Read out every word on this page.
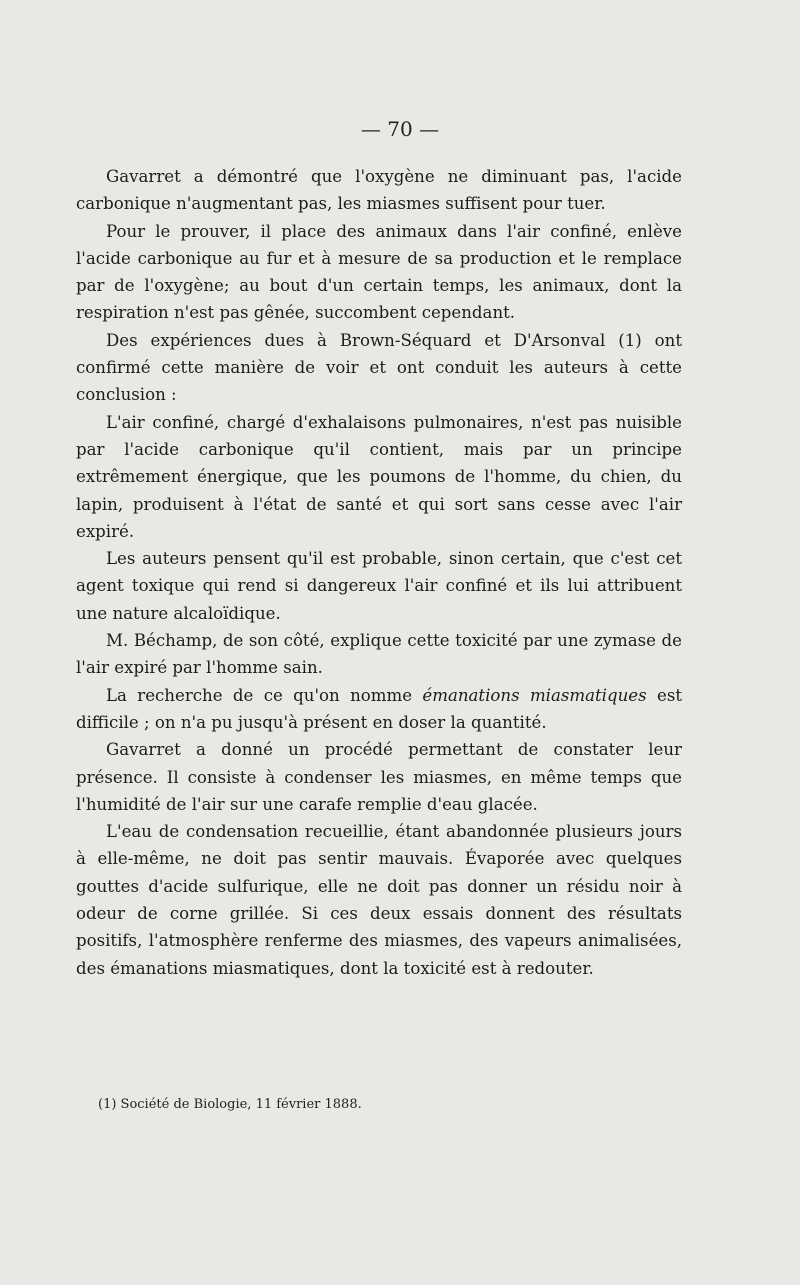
— 70 —

Gavarret a démontré que l'oxygène ne diminuant pas, l'acide carbonique n'augmentant pas, les miasmes suffisent pour tuer.

Pour le prouver, il place des animaux dans l'air confiné, enlève l'acide carbonique au fur et à mesure de sa production et le remplace par de l'oxygène; au bout d'un certain temps, les animaux, dont la respiration n'est pas gênée, succombent cependant.

Des expériences dues à Brown-Séquard et D'Arsonval (1) ont confirmé cette manière de voir et ont conduit les auteurs à cette conclusion :

L'air confiné, chargé d'exhalaisons pulmonaires, n'est pas nuisible par l'acide carbonique qu'il contient, mais par un principe extrêmement énergique, que les poumons de l'homme, du chien, du lapin, produisent à l'état de santé et qui sort sans cesse avec l'air expiré.

Les auteurs pensent qu'il est probable, sinon certain, que c'est cet agent toxique qui rend si dangereux l'air confiné et ils lui attribuent une nature alcaloïdique.

M. Béchamp, de son côté, explique cette toxicité par une zymase de l'air expiré par l'homme sain.

La recherche de ce qu'on nomme émanations miasmatiques est difficile ; on n'a pu jusqu'à présent en doser la quantité.

Gavarret a donné un procédé permettant de constater leur présence. Il consiste à condenser les miasmes, en même temps que l'humidité de l'air sur une carafe remplie d'eau glacée.

L'eau de condensation recueillie, étant abandonnée plusieurs jours à elle-même, ne doit pas sentir mauvais. Évaporée avec quelques gouttes d'acide sulfurique, elle ne doit pas donner un résidu noir à odeur de corne grillée. Si ces deux essais donnent des résultats positifs, l'atmosphère renferme des miasmes, des vapeurs animalisées, des émanations miasmatiques, dont la toxicité est à redouter.

(1) Société de Biologie, 11 février 1888.
